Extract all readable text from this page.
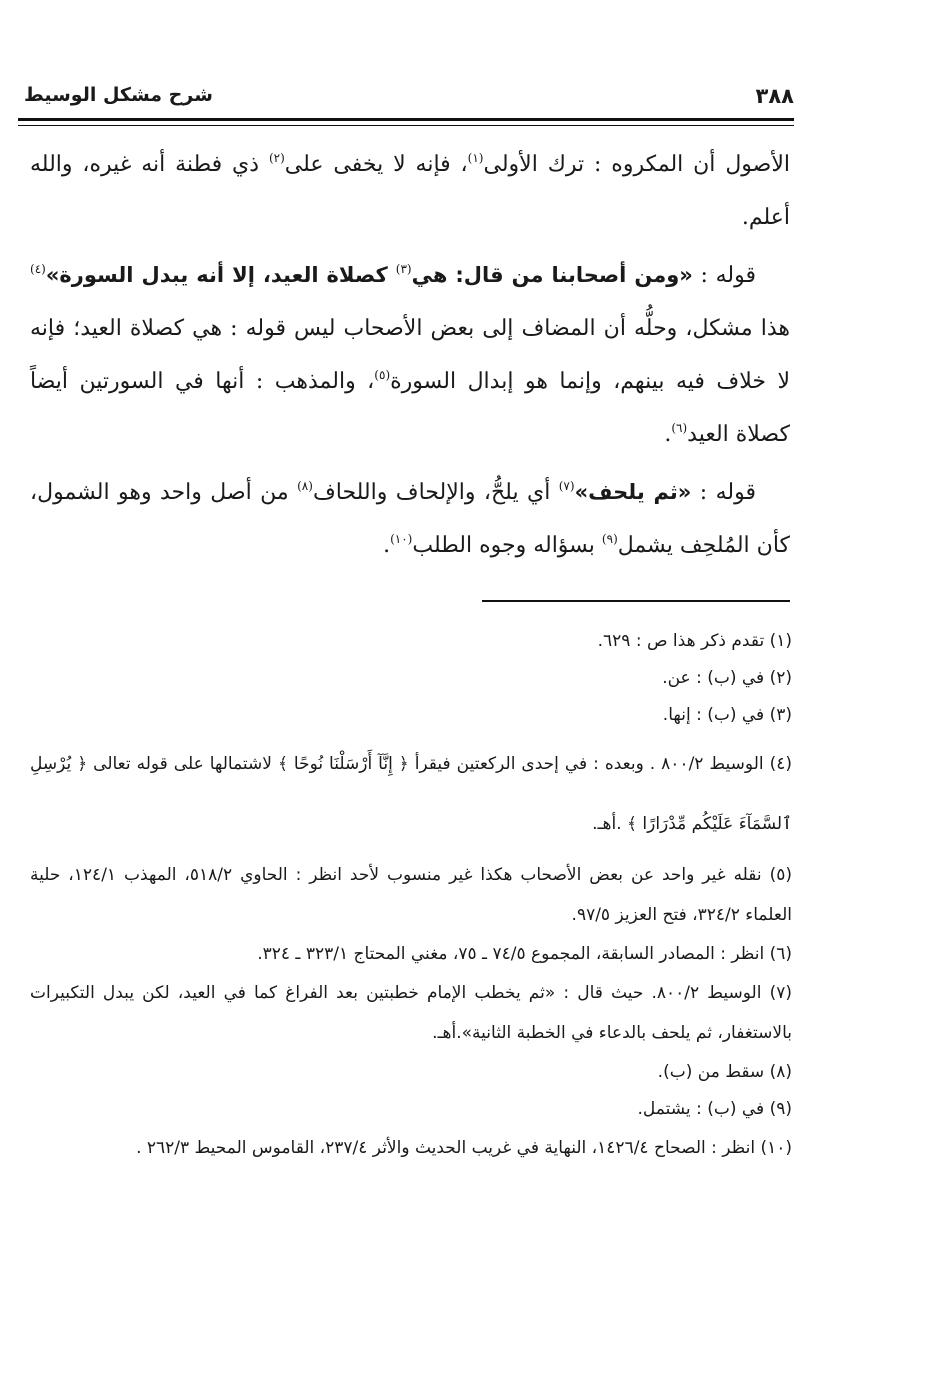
٣٨٨
شرح مشكل الوسيط

الأصول أن المكروه : ترك الأولى$^{(١)}$، فإنه لا يخفى على$^{(٢)}$ ذي فطنة أنه غيره، والله أعلم.

قوله : «ومن أصحابنا من قال: هي$^{(٣)}$ كصلاة العيد، إلا أنه يبدل السورة»$^{(٤)}$ هذا مشكل، وحلُّه أن المضاف إلى بعض الأصحاب ليس قوله : هي كصلاة العيد؛ فإنه لا خلاف فيه بينهم، وإنما هو إبدال السورة$^{(٥)}$، والمذهب : أنها في السورتين أيضاً كصلاة العيد$^{(٦)}$.

قوله : «ثم يلحف»$^{(٧)}$ أي يلحُّ، والإلحاف واللحاف$^{(٨)}$ من أصل واحد وهو الشمول، كأن المُلحِف يشمل$^{(٩)}$ بسؤاله وجوه الطلب$^{(١٠)}$.

(١) تقدم ذكر هذا ص : ٦٢٩.
(٢) في (ب) : عن.
(٣) في (ب) : إنها.
(٤) الوسيط ٨٠٠/٢ . وبعده : في إحدى الركعتين فيقرأ ﴿ إِنَّآ أَرْسَلْنَا نُوحًا ﴾ لاشتمالها على قوله تعالى ﴿ يُرْسِلِ ٱلسَّمَآءَ عَلَيْكُم مِّدْرَارًا ﴾ .أهـ.
(٥) نقله غير واحد عن بعض الأصحاب هكذا غير منسوب لأحد انظر : الحاوي ٥١٨/٢، المهذب ١٢٤/١، حلية العلماء ٣٢٤/٢، فتح العزيز ٩٧/٥.
(٦) انظر : المصادر السابقة، المجموع ٧٤/٥ ـ ٧٥، مغني المحتاج ٣٢٣/١ ـ ٣٢٤.
(٧) الوسيط ٨٠٠/٢. حيث قال : «ثم يخطب الإمام خطبتين بعد الفراغ كما في العيد، لكن يبدل التكبيرات بالاستغفار، ثم يلحف بالدعاء في الخطبة الثانية».أهـ.
(٨) سقط من (ب).
(٩) في (ب) : يشتمل.
(١٠) انظر : الصحاح ١٤٢٦/٤، النهاية في غريب الحديث والأثر ٢٣٧/٤، القاموس المحيط ٢٦٢/٣ .
